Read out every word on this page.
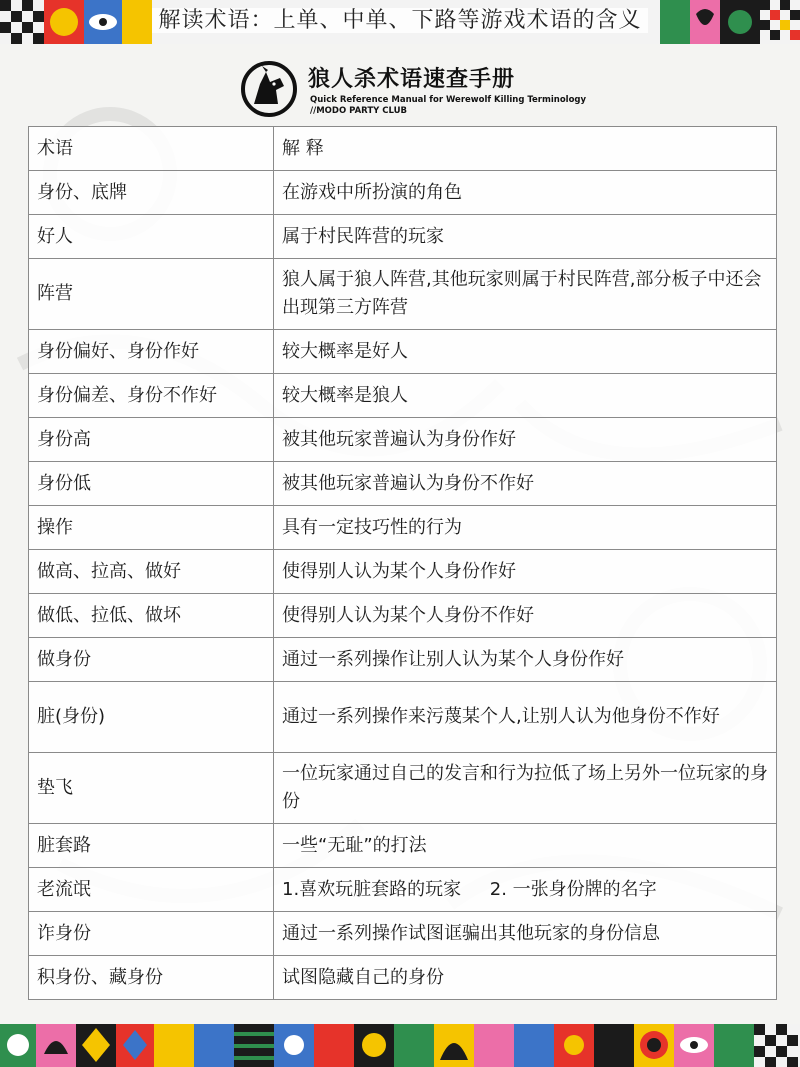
解读术语：上单、中单、下路等游戏术语的含义
狼人杀术语速查手册
Quick Reference Manual for Werewolf Killing Terminology
//MODO PARTY CLUB
术语	解 释
身份、底牌	在游戏中所扮演的角色
好人	属于村民阵营的玩家
阵营	狼人属于狼人阵营,其他玩家则属于村民阵营,部分板子中还会出现第三方阵营
身份偏好、身份作好	较大概率是好人
身份偏差、身份不作好	较大概率是狼人
身份高	被其他玩家普遍认为身份作好
身份低	被其他玩家普遍认为身份不作好
操作	具有一定技巧性的行为
做高、拉高、做好	使得别人认为某个人身份作好
做低、拉低、做坏	使得别人认为某个人身份不作好
做身份	通过一系列操作让别人认为某个人身份作好
脏(身份)	通过一系列操作来污蔑某个人,让别人认为他身份不作好
垫飞	一位玩家通过自己的发言和行为拉低了场上另外一位玩家的身份
脏套路	一些“无耻”的打法
老流氓	1.喜欢玩脏套路的玩家     2. 一张身份牌的名字
诈身份	通过一系列操作试图诓骗出其他玩家的身份信息
积身份、藏身份	试图隐藏自己的身份
